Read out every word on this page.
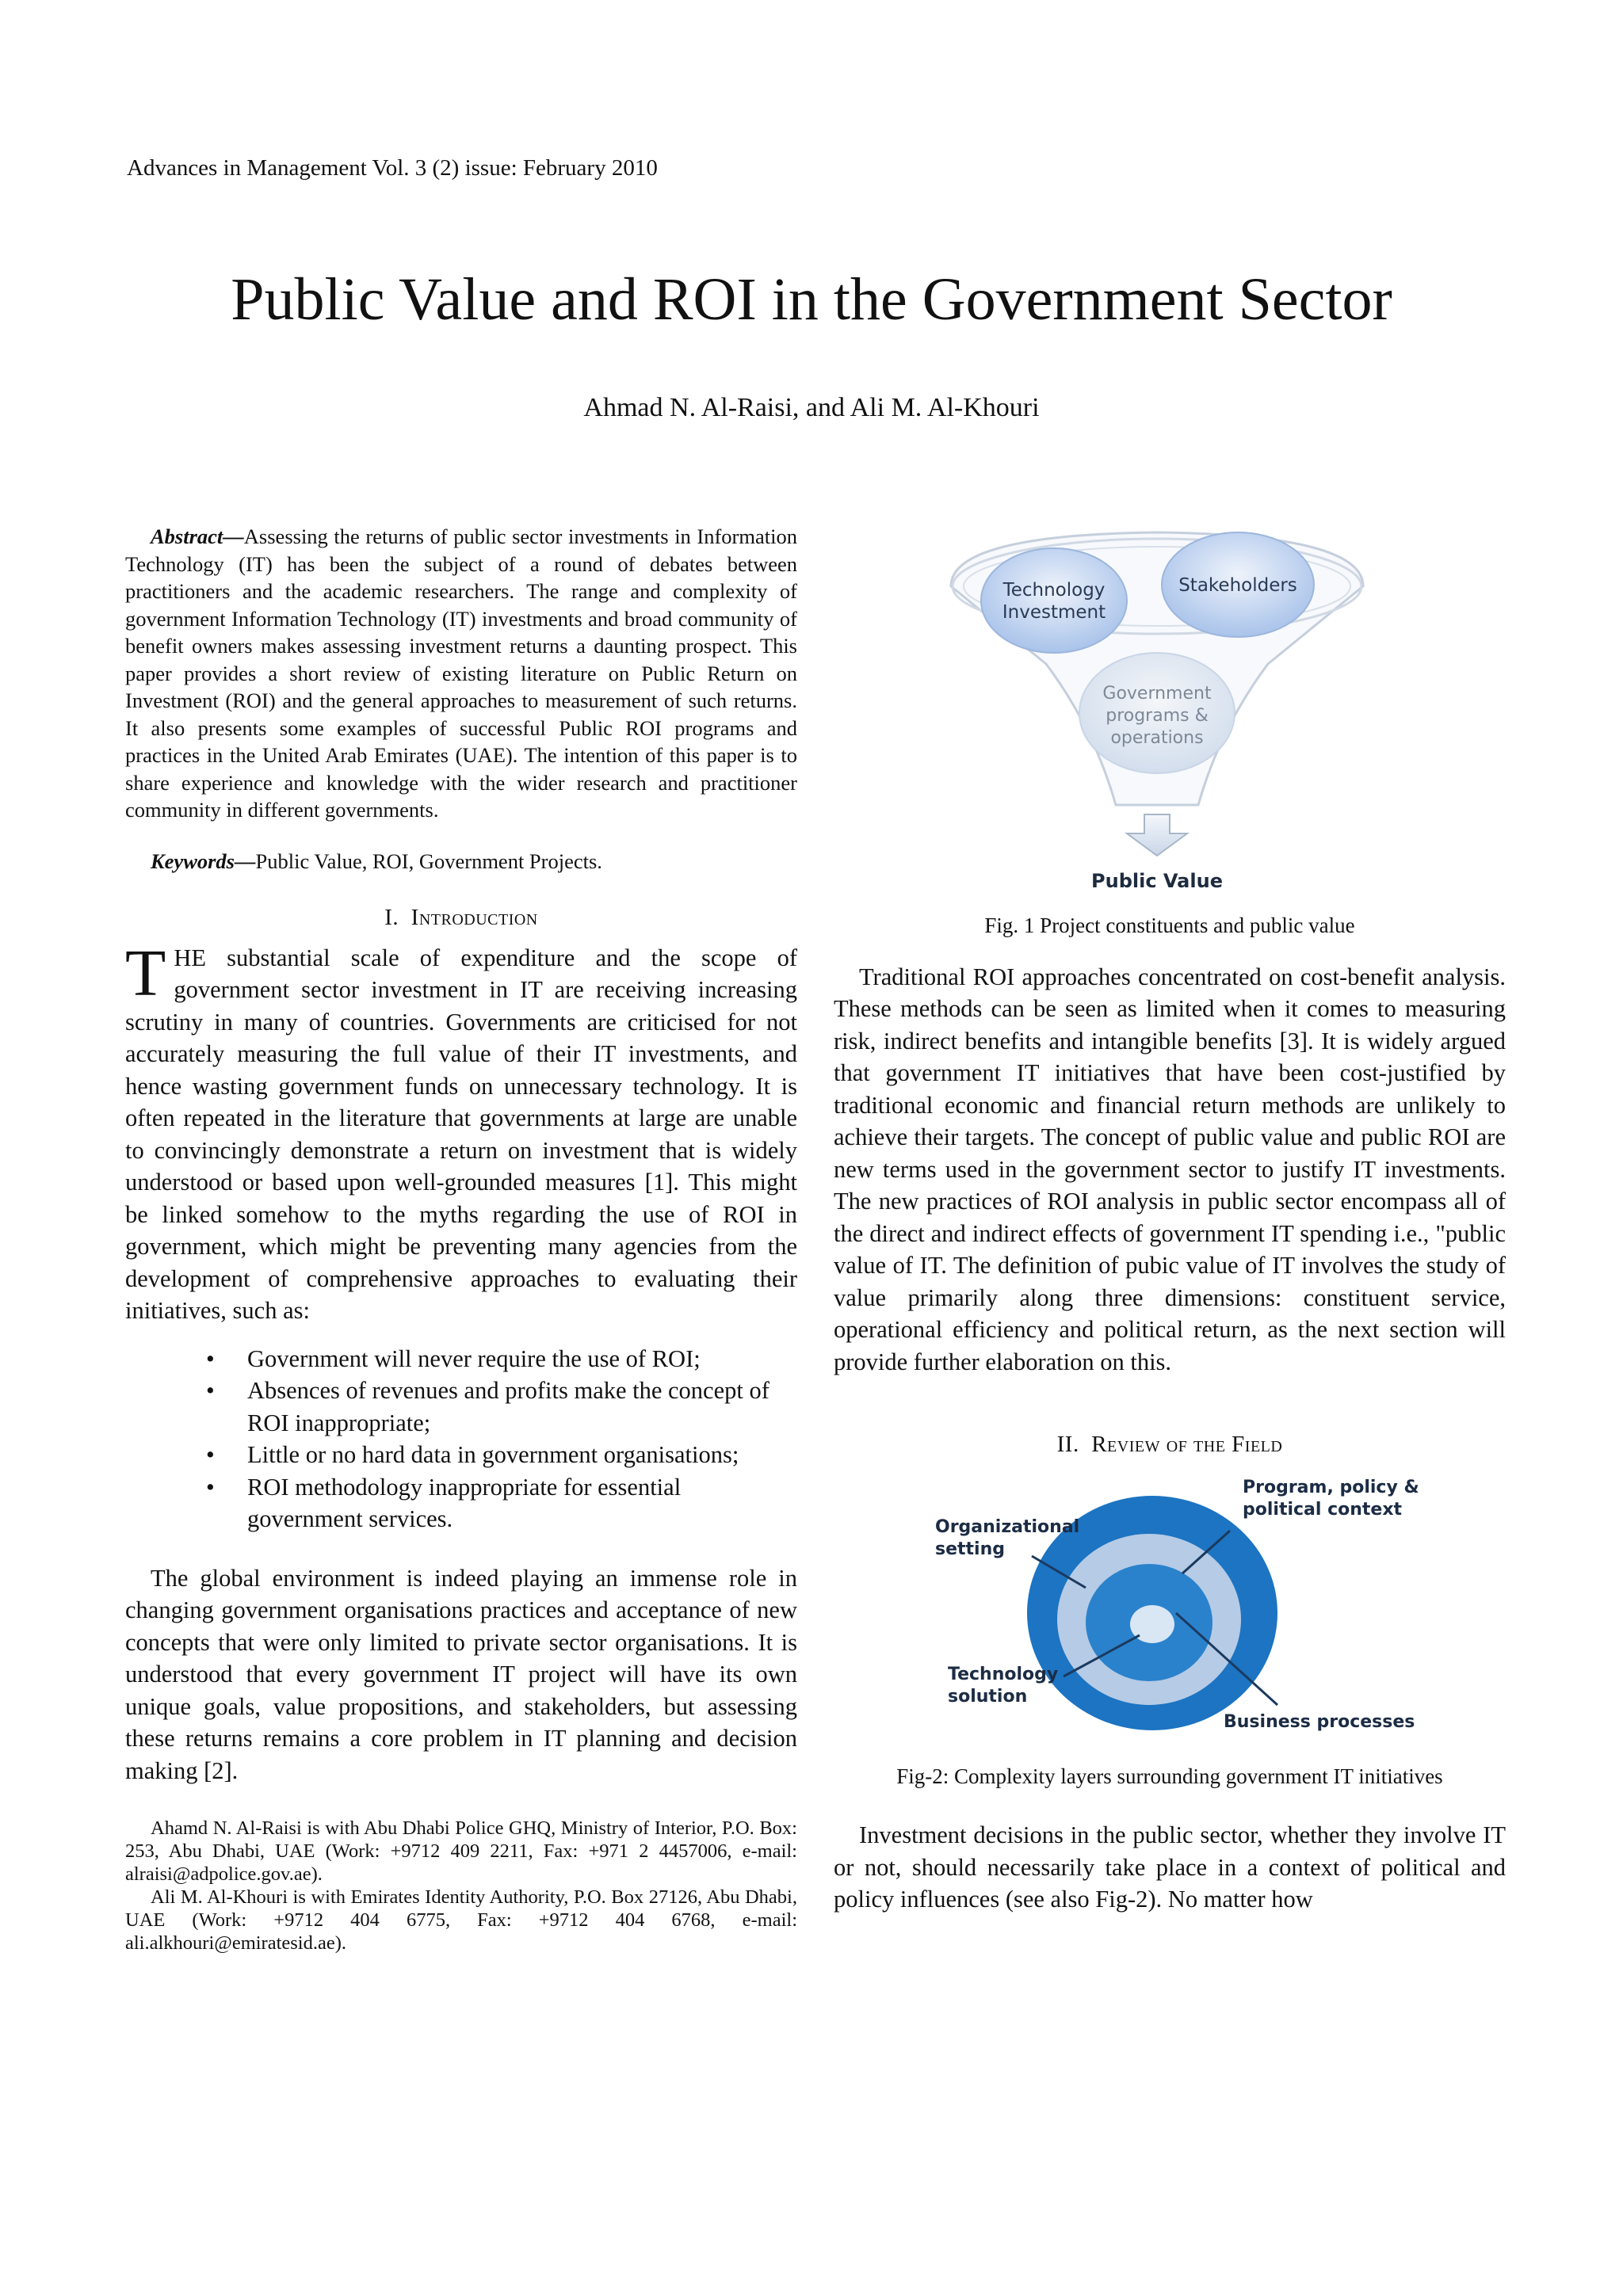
Advances in Management Vol. 3 (2) issue: February 2010
Public Value and ROI in the Government Sector
Ahmad N. Al-Raisi, and Ali M. Al-Khouri

Abstract—Assessing the returns of public sector investments in Information Technology (IT) has been the subject of a round of debates between practitioners and the academic researchers. The range and complexity of government Information Technology (IT) investments and broad community of benefit owners makes assessing investment returns a daunting prospect. This paper provides a short review of existing literature on Public Return on Investment (ROI) and the general approaches to measurement of such returns. It also presents some examples of successful Public ROI programs and practices in the United Arab Emirates (UAE). The intention of this paper is to share experience and knowledge with the wider research and practitioner community in different governments.

Keywords—Public Value, ROI, Government Projects.

I. Introduction

THE substantial scale of expenditure and the scope of government sector investment in IT are receiving increasing scrutiny in many of countries. Governments are criticised for not accurately measuring the full value of their IT investments, and hence wasting government funds on unnecessary technology. It is often repeated in the literature that governments at large are unable to convincingly demonstrate a return on investment that is widely understood or based upon well-grounded measures [1]. This might be linked somehow to the myths regarding the use of ROI in government, which might be preventing many agencies from the development of comprehensive approaches to evaluating their initiatives, such as:

• Government will never require the use of ROI;
• Absences of revenues and profits make the concept of ROI inappropriate;
• Little or no hard data in government organisations;
• ROI methodology inappropriate for essential government services.

The global environment is indeed playing an immense role in changing government organisations practices and acceptance of new concepts that were only limited to private sector organisations. It is understood that every government IT project will have its own unique goals, value propositions, and stakeholders, but assessing these returns remains a core problem in IT planning and decision making [2].

Ahamd N. Al-Raisi is with Abu Dhabi Police GHQ, Ministry of Interior, P.O. Box: 253, Abu Dhabi, UAE (Work: +9712 409 2211, Fax: +971 2 4457006, e-mail: alraisi@adpolice.gov.ae).

Ali M. Al-Khouri is with Emirates Identity Authority, P.O. Box 27126, Abu Dhabi, UAE (Work: +9712 404 6775, Fax: +9712 404 6768, e-mail: ali.alkhouri@emiratesid.ae).

Technology
Investment
Stakeholders
Government
programs &
operations
Public Value
Fig. 1 Project constituents and public value

Traditional ROI approaches concentrated on cost-benefit analysis. These methods can be seen as limited when it comes to measuring risk, indirect benefits and intangible benefits [3]. It is widely argued that government IT initiatives that have been cost-justified by traditional economic and financial return methods are unlikely to achieve their targets. The concept of public value and public ROI are new terms used in the government sector to justify IT investments. The new practices of ROI analysis in public sector encompass all of the direct and indirect effects of government IT spending i.e., "public value of IT. The definition of pubic value of IT involves the study of value primarily along three dimensions: constituent service, operational efficiency and political return, as the next section will provide further elaboration on this.

II. Review of the Field
Program, policy &
political context
Organizational
setting
Technology
solution
Business processes
Fig-2: Complexity layers surrounding government IT initiatives

Investment decisions in the public sector, whether they involve IT or not, should necessarily take place in a context of political and policy influences (see also Fig-2). No matter how
